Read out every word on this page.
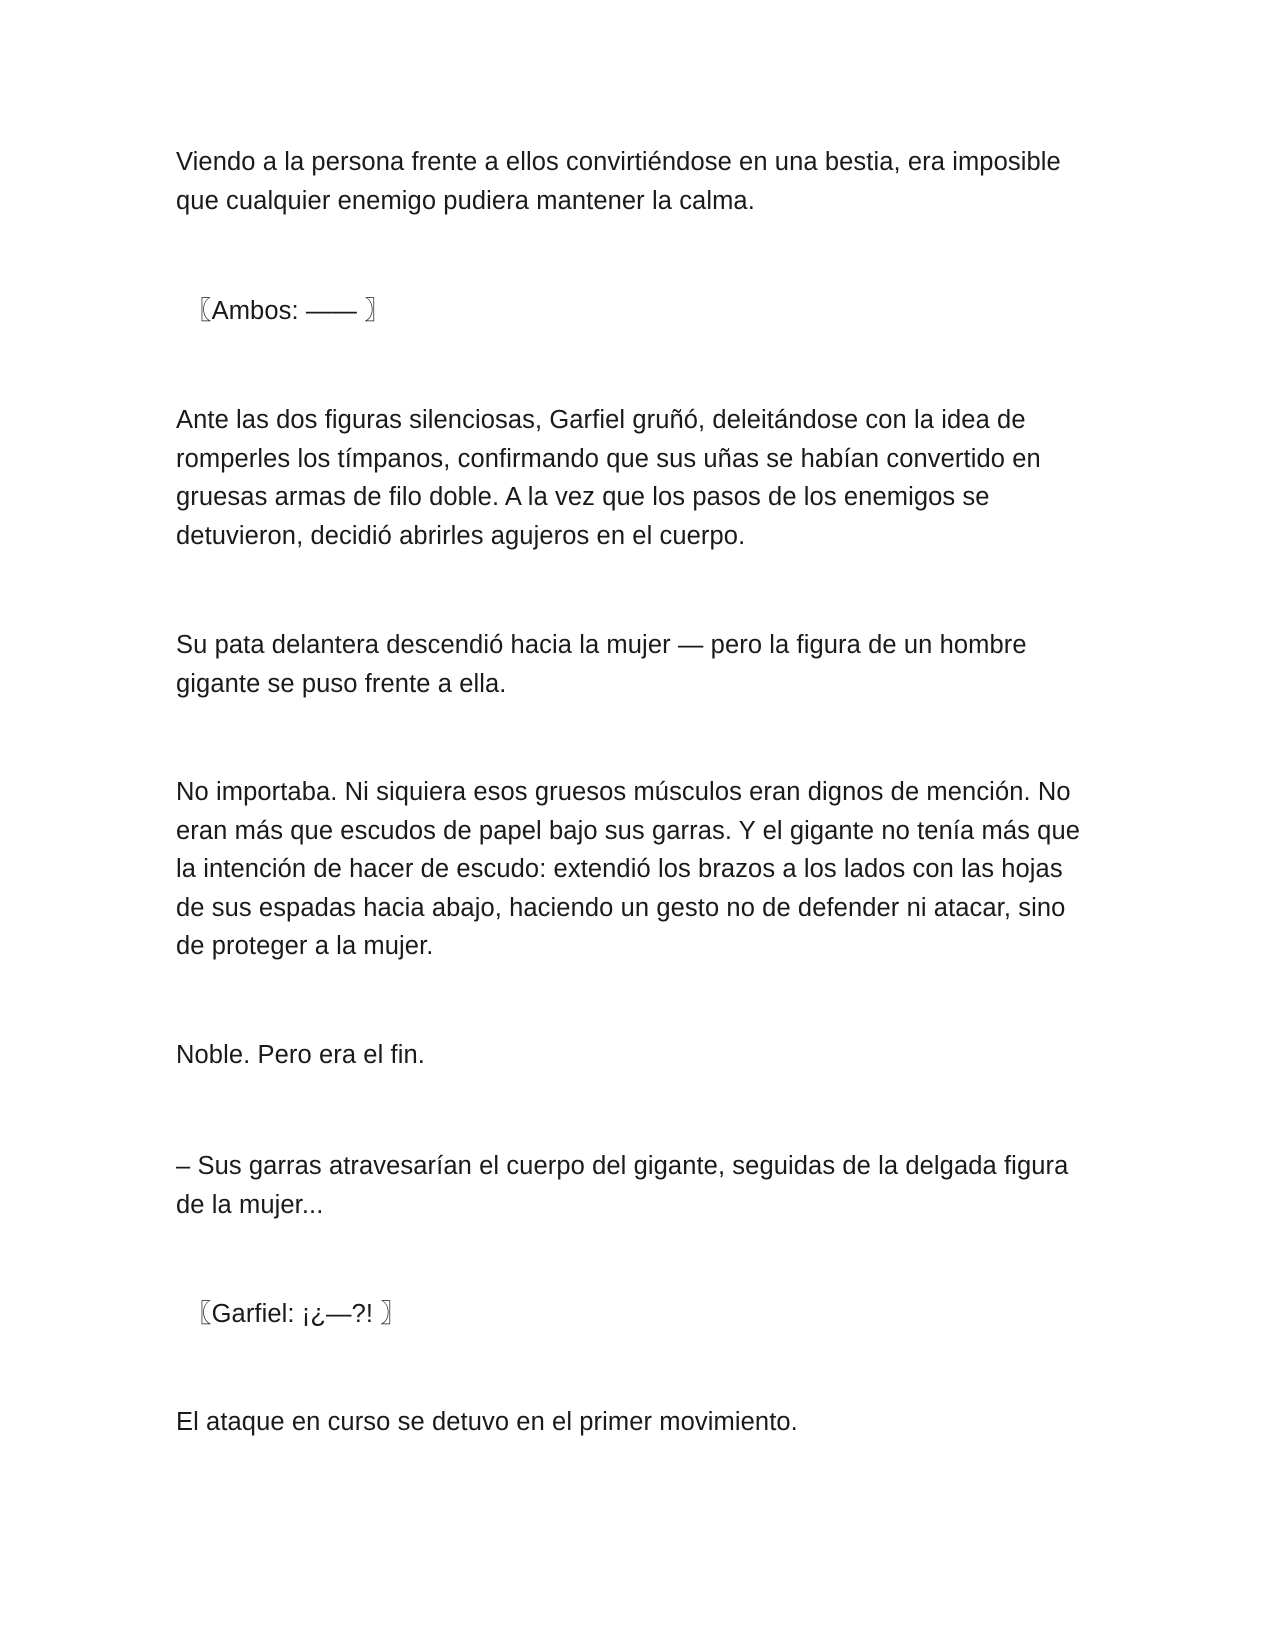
Viendo a la persona frente a ellos convirtiéndose en una bestia, era imposible
que cualquier enemigo pudiera mantener la calma.
〖Ambos: —— 〗
Ante las dos figuras silenciosas, Garfiel gruñó, deleitándose con la idea de
romperles los tímpanos, confirmando que sus uñas se habían convertido en
gruesas armas de filo doble. A la vez que los pasos de los enemigos se
detuvieron, decidió abrirles agujeros en el cuerpo.
Su pata delantera descendió hacia la mujer — pero la figura de un hombre
gigante se puso frente a ella.
No importaba. Ni siquiera esos gruesos músculos eran dignos de mención. No
eran más que escudos de papel bajo sus garras. Y el gigante no tenía más que
la intención de hacer de escudo: extendió los brazos a los lados con las hojas
de sus espadas hacia abajo, haciendo un gesto no de defender ni atacar, sino
de proteger a la mujer.
Noble. Pero era el fin.
– Sus garras atravesarían el cuerpo del gigante, seguidas de la delgada figura
de la mujer...
〖Garfiel: ¡¿—?! 〗
El ataque en curso se detuvo en el primer movimiento.
